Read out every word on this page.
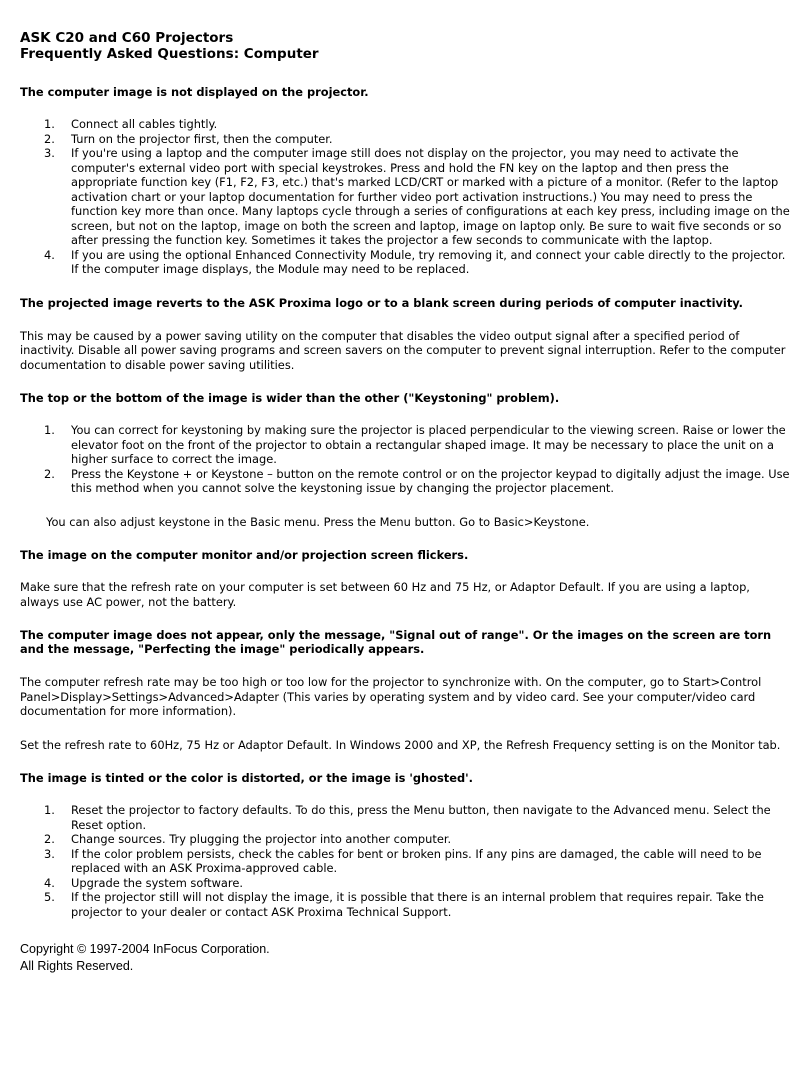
ASK C20 and C60 Projectors
Frequently Asked Questions: Computer
The computer image is not displayed on the projector.
1. Connect all cables tightly.
2. Turn on the projector first, then the computer.
3. If you're using a laptop and the computer image still does not display on the projector, you may need to activate the computer's external video port with special keystrokes. Press and hold the FN key on the laptop and then press the appropriate function key (F1, F2, F3, etc.) that's marked LCD/CRT or marked with a picture of a monitor. (Refer to the laptop activation chart or your laptop documentation for further video port activation instructions.) You may need to press the function key more than once. Many laptops cycle through a series of configurations at each key press, including image on the screen, but not on the laptop, image on both the screen and laptop, image on laptop only. Be sure to wait five seconds or so after pressing the function key. Sometimes it takes the projector a few seconds to communicate with the laptop.
4. If you are using the optional Enhanced Connectivity Module, try removing it, and connect your cable directly to the projector. If the computer image displays, the Module may need to be replaced.
The projected image reverts to the ASK Proxima logo or to a blank screen during periods of computer inactivity.

This may be caused by a power saving utility on the computer that disables the video output signal after a specified period of inactivity. Disable all power saving programs and screen savers on the computer to prevent signal interruption. Refer to the computer documentation to disable power saving utilities.

The top or the bottom of the image is wider than the other ("Keystoning" problem).
1. You can correct for keystoning by making sure the projector is placed perpendicular to the viewing screen. Raise or lower the elevator foot on the front of the projector to obtain a rectangular shaped image. It may be necessary to place the unit on a higher surface to correct the image.
2. Press the Keystone + or Keystone – button on the remote control or on the projector keypad to digitally adjust the image. Use this method when you cannot solve the keystoning issue by changing the projector placement.

You can also adjust keystone in the Basic menu. Press the Menu button. Go to Basic>Keystone.

The image on the computer monitor and/or projection screen flickers.

Make sure that the refresh rate on your computer is set between 60 Hz and 75 Hz, or Adaptor Default. If you are using a laptop, always use AC power, not the battery.

The computer image does not appear, only the message, "Signal out of range". Or the images on the screen are torn and the message, "Perfecting the image" periodically appears.

The computer refresh rate may be too high or too low for the projector to synchronize with. On the computer, go to Start>Control Panel>Display>Settings>Advanced>Adapter (This varies by operating system and by video card. See your computer/video card documentation for more information).

Set the refresh rate to 60Hz, 75 Hz or Adaptor Default. In Windows 2000 and XP, the Refresh Frequency setting is on the Monitor tab.

The image is tinted or the color is distorted, or the image is 'ghosted'.
1. Reset the projector to factory defaults. To do this, press the Menu button, then navigate to the Advanced menu. Select the Reset option.
2. Change sources. Try plugging the projector into another computer.
3. If the color problem persists, check the cables for bent or broken pins. If any pins are damaged, the cable will need to be replaced with an ASK Proxima-approved cable.
4. Upgrade the system software.
5. If the projector still will not display the image, it is possible that there is an internal problem that requires repair. Take the projector to your dealer or contact ASK Proxima Technical Support.

Copyright © 1997-2004 InFocus Corporation.

All Rights Reserved.
